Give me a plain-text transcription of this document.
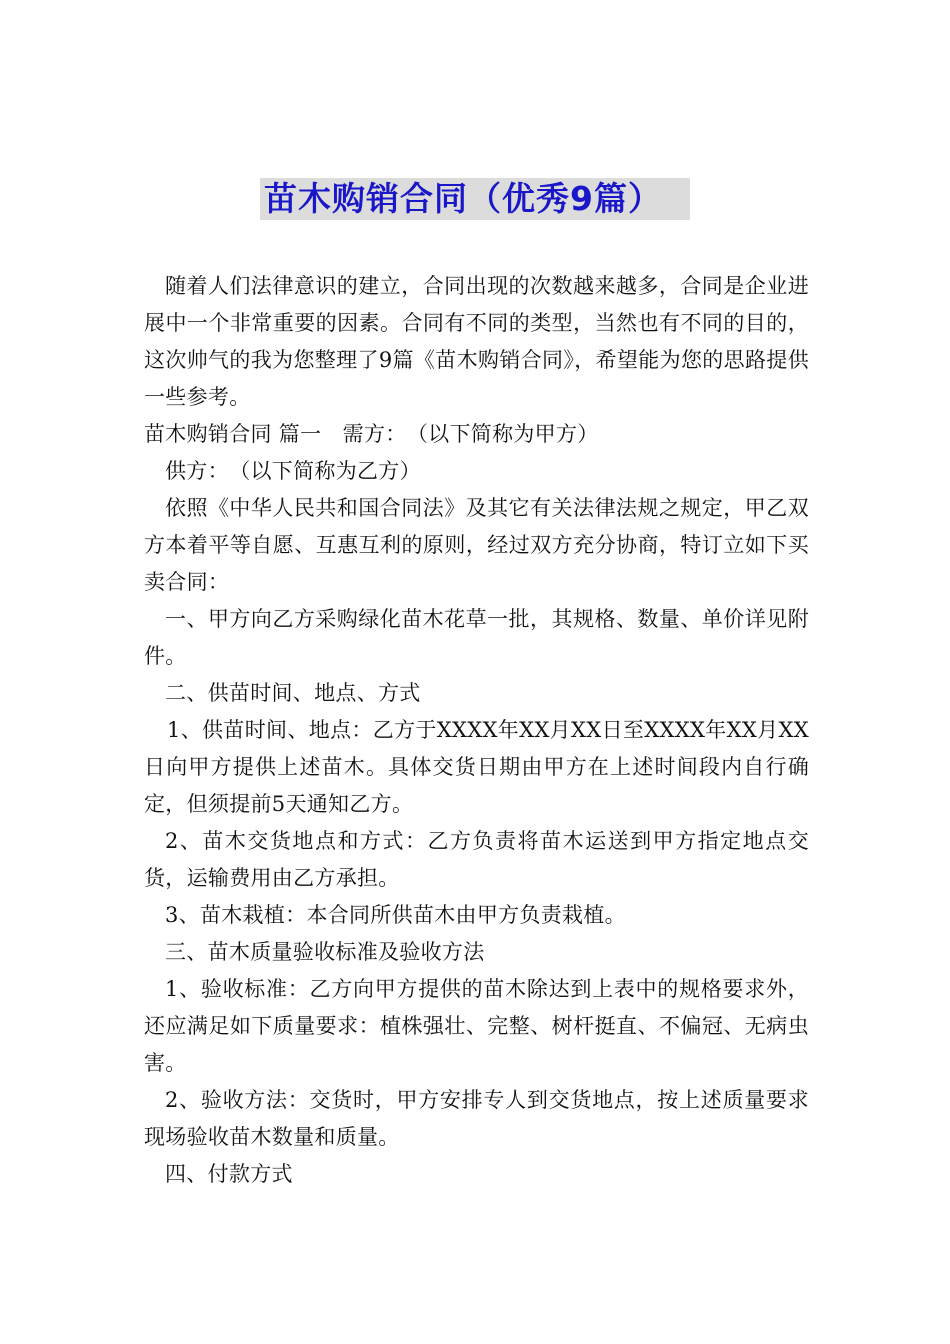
苗木购销合同（优秀9篇）

随着人们法律意识的建立，合同出现的次数越来越多，合同是企业进展中一个非常重要的因素。合同有不同的类型，当然也有不同的目的，这次帅气的我为您整理了9篇《苗木购销合同》，希望能为您的思路提供一些参考。

苗木购销合同 篇一　需方：　（以下简称为甲方）

供方：　（以下简称为乙方）

依照《中华人民共和国合同法》及其它有关法律法规之规定，甲乙双方本着平等自愿、互惠互利的原则，经过双方充分协商，特订立如下买卖合同：

一、甲方向乙方采购绿化苗木花草一批，其规格、数量、单价详见附件。

二、供苗时间、地点、方式

1、供苗时间、地点：乙方于XXXX年XX月XX日至XXXX年XX月XX日向甲方提供上述苗木。具体交货日期由甲方在上述时间段内自行确定，但须提前5天通知乙方。

2、苗木交货地点和方式：乙方负责将苗木运送到甲方指定地点交货，运输费用由乙方承担。

3、苗木栽植：本合同所供苗木由甲方负责栽植。

三、苗木质量验收标准及验收方法

1、验收标准：乙方向甲方提供的苗木除达到上表中的规格要求外，还应满足如下质量要求：植株强壮、完整、树杆挺直、不偏冠、无病虫害。

2、验收方法：交货时，甲方安排专人到交货地点，按上述质量要求现场验收苗木数量和质量。

四、付款方式
